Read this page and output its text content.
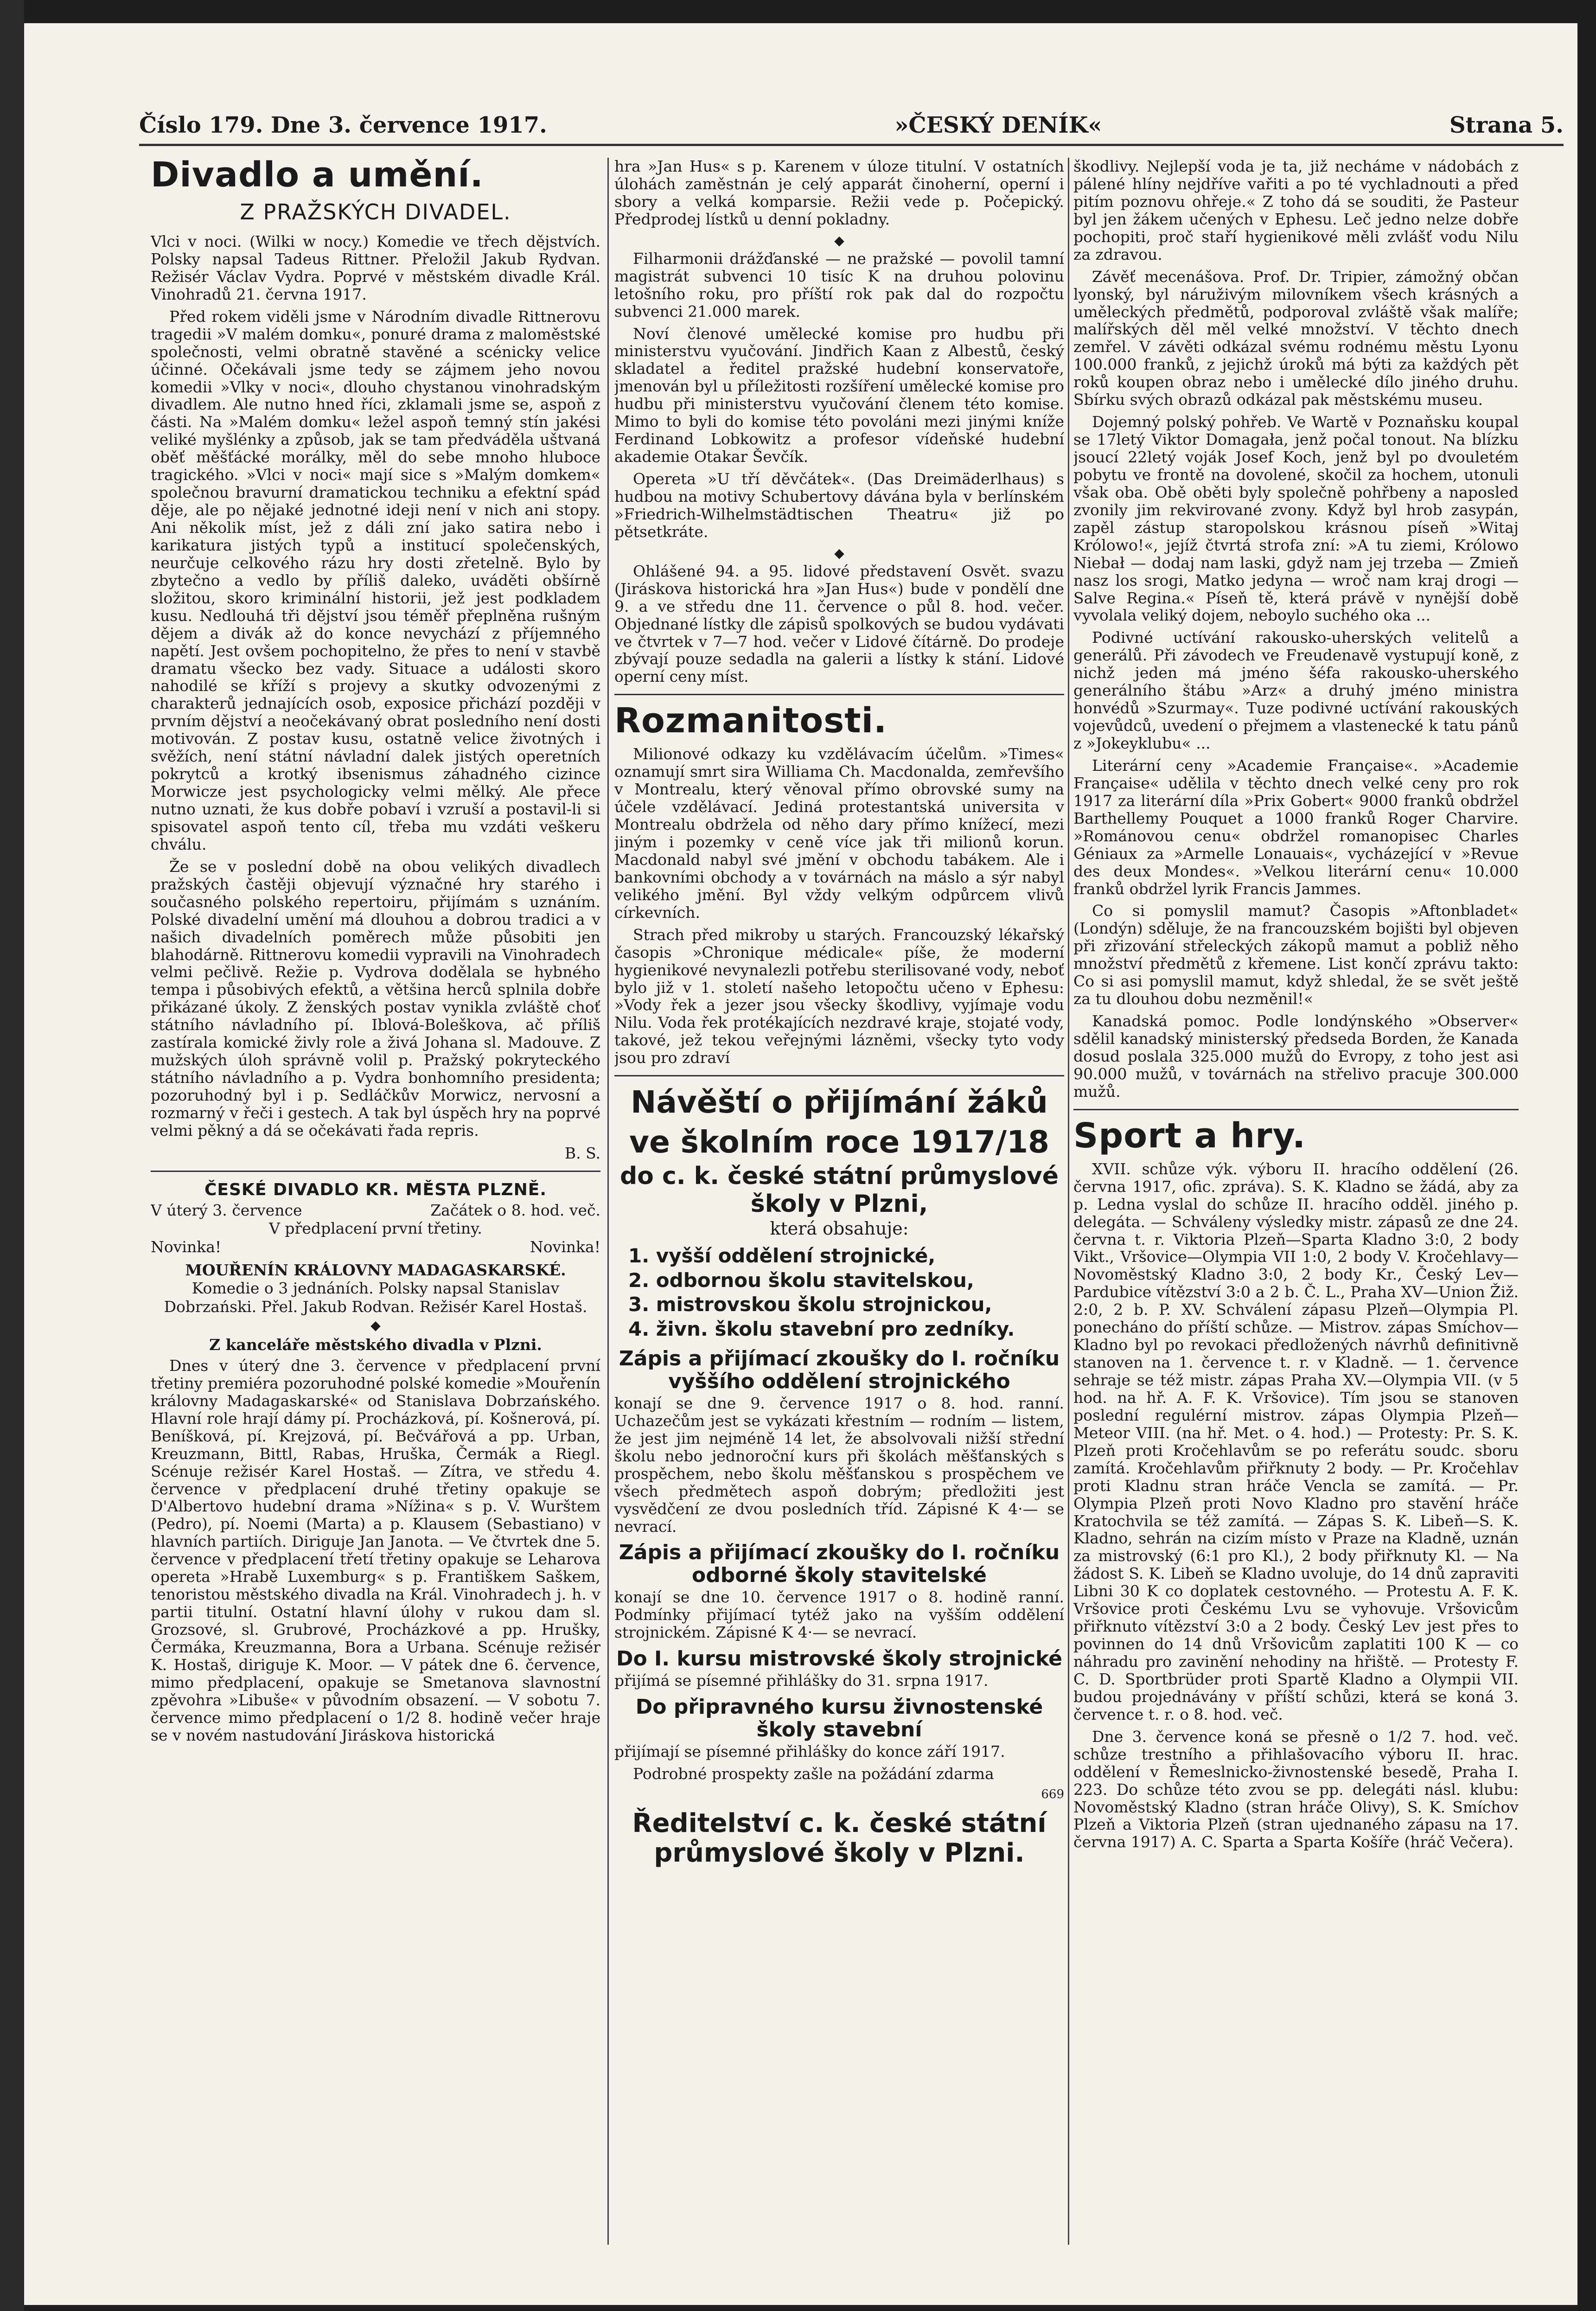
Číslo 179. Dne 3. července 1917.	»ČESKÝ DENÍK«	Strana 5.
Divadlo a umění.
Z PRAŽSKÝCH DIVADEL.

Vlci v noci. (Wilki w nocy.) Komedie ve třech dějstvích. Polsky napsal Tadeus Rittner. Přeložil Jakub Rydvan. Režisér Václav Vydra. Poprvé v městském divadle Král. Vinohradů 21. června 1917.

Před rokem viděli jsme v Národním divadle Rittnerovu tragedii »V malém domku«, ponuré drama z maloměstské společnosti, velmi obratně stavěné a scénicky velice účinné. Očekávali jsme tedy se zájmem jeho novou komedii »Vlky v noci«, dlouho chystanou vinohradským divadlem. Ale nutno hned říci, zklamali jsme se, aspoň z části. Na »Malém domku« ležel aspoň temný stín jakési veliké myšlénky a způsob, jak se tam předváděla uštvaná oběť měšťácké morálky, měl do sebe mnoho hluboce tragického. »Vlci v noci« mají sice s »Malým domkem« společnou bravurní dramatickou techniku a efektní spád děje, ale po nějaké jednotné ideji není v nich ani stopy. Ani několik míst, jež z dáli zní jako satira nebo i karikatura jistých typů a institucí společenských, neurčuje celkového rázu hry dosti zřetelně. Bylo by zbytečno a vedlo by příliš daleko, uváděti obšírně složitou, skoro kriminální historii, jež jest podkladem kusu. Nedlouhá tři dějství jsou téměř přeplněna rušným dějem a divák až do konce nevychází z příjemného napětí. Jest ovšem pochopitelno, že přes to není v stavbě dramatu všecko bez vady. Situace a události skoro nahodilé se kříží s projevy a skutky odvozenými z charakterů jednajících osob, exposice přichází později v prvním dějství a neočekávaný obrat posledního není dosti motivován. Z postav kusu, ostatně velice životných i svěžích, není státní návladní dalek jistých operetních pokrytců a krotký ibsenismus záhadného cizince Morwicze jest psychologicky velmi mělký. Ale přece nutno uznati, že kus dobře pobaví i vzruší a postavil-li si spisovatel aspoň tento cíl, třeba mu vzdáti veškeru chválu.

Že se v poslední době na obou velikých divadlech pražských častěji objevují význačné hry starého i současného polského repertoiru, přijímám s uznáním. Polské divadelní umění má dlouhou a dobrou tradici a v našich divadelních poměrech může působiti jen blahodárně. Rittnerovu komedii vypravili na Vinohradech velmi pečlivě. Režie p. Vydrova dodělala se hybného tempa i působivých efektů, a většina herců splnila dobře přikázané úkoly. Z ženských postav vynikla zvláště choť státního návladního pí. Iblová-Boleškova, ač příliš zastírala komické živly role a živá Johana sl. Madouve. Z mužských úloh správně volil p. Pražský pokryteckého státního návladního a p. Vydra bonhomního presidenta; pozoruhodný byl i p. Sedláčkův Morwicz, nervosní a rozmarný v řeči i gestech. A tak byl úspěch hry na poprvé velmi pěkný a dá se očekávati řada repris.

B. S.
ČESKÉ DIVADLO KR. MĚSTA PLZNĚ.
V úterý 3. července	Začátek o 8. hod. več.
V předplacení první třetiny.
Novinka!	Novinka!
MOUŘENÍN KRÁLOVNY MADAGASKARSKÉ.
Komedie o 3 jednáních. Polsky napsal Stanislav Dobrzański. Přel. Jakub Rodvan. Režisér Karel Hostaš.
◆
Z kanceláře městského divadla v Plzni.

Dnes v úterý dne 3. července v předplacení první třetiny premiéra pozoruhodné polské komedie »Mouřenín královny Madagaskarské« od Stanislava Dobrzańského. Hlavní role hrají dámy pí. Procházková, pí. Košnerová, pí. Beníšková, pí. Krejzová, pí. Bečvářová a pp. Urban, Kreuzmann, Bittl, Rabas, Hruška, Čermák a Riegl. Scénuje režisér Karel Hostaš. — Zítra, ve středu 4. července v předplacení druhé třetiny opakuje se D'Albertovo hudební drama »Nížina« s p. V. Wurštem (Pedro), pí. Noemi (Marta) a p. Klausem (Sebastiano) v hlavních partiích. Diriguje Jan Janota. — Ve čtvrtek dne 5. července v předplacení třetí třetiny opakuje se Leharova opereta »Hrabě Luxemburg« s p. Františkem Saškem, tenoristou městského divadla na Král. Vinohradech j. h. v partii titulní. Ostatní hlavní úlohy v rukou dam sl. Grozsové, sl. Grubrové, Procházkové a pp. Hrušky, Čermáka, Kreuzmanna, Bora a Urbana. Scénuje režisér K. Hostaš, diriguje K. Moor. — V pátek dne 6. července, mimo předplacení, opakuje se Smetanova slavnostní zpěvohra »Libuše« v původním obsazení. — V sobotu 7. července mimo předplacení o 1/2 8. hodině večer hraje se v novém nastudování Jiráskova historická

hra »Jan Hus« s p. Karenem v úloze titulní. V ostatních úlohách zaměstnán je celý apparát činoherní, operní i sbory a velká komparsie. Režii vede p. Počepický. Předprodej lístků u denní pokladny.

◆

Filharmonii drážďanské — ne pražské — povolil tamní magistrát subvenci 10 tisíc K na druhou polovinu letošního roku, pro příští rok pak dal do rozpočtu subvenci 21.000 marek.

Noví členové umělecké komise pro hudbu při ministerstvu vyučování. Jindřich Kaan z Albestů, český skladatel a ředitel pražské hudební konservatoře, jmenován byl u příležitosti rozšíření umělecké komise pro hudbu při ministerstvu vyučování členem této komise. Mimo to byli do komise této povoláni mezi jinými kníže Ferdinand Lobkowitz a profesor vídeňské hudební akademie Otakar Ševčík.

Opereta »U tří děvčátek«. (Das Dreimäderlhaus) s hudbou na motivy Schubertovy dávána byla v berlínském »Friedrich-Wilhelmstädtischen Theatru« již po pětsetkráte.

◆

Ohlášené 94. a 95. lidové představení Osvět. svazu (Jiráskova historická hra »Jan Hus«) bude v pondělí dne 9. a ve středu dne 11. července o půl 8. hod. večer. Objednané lístky dle zápisů spolkových se budou vydávati ve čtvrtek v 7—7 hod. večer v Lidové čítárně. Do prodeje zbývají pouze sedadla na galerii a lístky k stání. Lidové operní ceny míst.

Rozmanitosti.

Milionové odkazy ku vzdělávacím účelům. »Times« oznamují smrt sira Williama Ch. Macdonalda, zemřevšího v Montrealu, který věnoval přímo obrovské sumy na účele vzdělávací. Jediná protestantská universita v Montrealu obdržela od něho dary přímo knížecí, mezi jiným i pozemky v ceně více jak tři milionů korun. Macdonald nabyl své jmění v obchodu tabákem. Ale i bankovními obchody a v továrnách na máslo a sýr nabyl velikého jmění. Byl vždy velkým odpůrcem vlivů církevních.

Strach před mikroby u starých. Francouzský lékařský časopis »Chronique médicale« píše, že moderní hygienikové nevynalezli potřebu sterilisované vody, neboť bylo již v 1. století našeho letopočtu učeno v Ephesu: »Vody řek a jezer jsou všecky škodlivy, vyjímaje vodu Nilu. Voda řek protékajících nezdravé kraje, stojaté vody, takové, jež tekou veřejnými lázněmi, všecky tyto vody jsou pro zdraví

Návěští o přijímání žáků
ve školním roce 1917/18
do c. k. české státní průmyslové školy v Plzni,
která obsahuje:
1. vyšší oddělení strojnické,
2. odbornou školu stavitelskou,
3. mistrovskou školu strojnickou,
4. živn. školu stavební pro zedníky.
Zápis a přijímací zkoušky do I. ročníku vyššího oddělení strojnického

konají se dne 9. července 1917 o 8. hod. ranní. Uchazečům jest se vykázati křestním — rodním — listem, že jest jim nejméně 14 let, že absolvovali nižší střední školu nebo jednoroční kurs při školách měšťanských s prospěchem, nebo školu měšťanskou s prospěchem ve všech předmětech aspoň dobrým; předložiti jest vysvědčení ze dvou posledních tříd. Zápisné K 4·— se nevrací.

Zápis a přijímací zkoušky do I. ročníku odborné školy stavitelské

konají se dne 10. července 1917 o 8. hodině ranní. Podmínky přijímací tytéž jako na vyšším oddělení strojnickém. Zápisné K 4·— se nevrací.

Do I. kursu mistrovské školy strojnické

přijímá se písemné přihlášky do 31. srpna 1917.

Do připravného kursu živnostenské školy stavební

přijímají se písemné přihlášky do konce září 1917.

Podrobné prospekty zašle na požádání zdarma

669
Ředitelství c. k. české státní průmyslové školy v Plzni.

škodlivy. Nejlepší voda je ta, již necháme v nádobách z pálené hlíny nejdříve vařiti a po té vychladnouti a před pitím poznovu ohřeje.« Z toho dá se souditi, že Pasteur byl jen žákem učených v Ephesu. Leč jedno nelze dobře pochopiti, proč staří hygienikové měli zvlášť vodu Nilu za zdravou.

Závěť mecenášova. Prof. Dr. Tripier, zámožný občan lyonský, byl náruživým milovníkem všech krásných a uměleckých předmětů, podporoval zvláště však malíře; malířských děl měl velké množství. V těchto dnech zemřel. V závěti odkázal svému rodnému městu Lyonu 100.000 franků, z jejichž úroků má býti za každých pět roků koupen obraz nebo i umělecké dílo jiného druhu. Sbírku svých obrazů odkázal pak městskému museu.

Dojemný polský pohřeb. Ve Wartě v Poznaňsku koupal se 17letý Viktor Domagała, jenž počal tonout. Na blízku jsoucí 22letý voják Josef Koch, jenž byl po dvouletém pobytu ve frontě na dovolené, skočil za hochem, utonuli však oba. Obě oběti byly společně pohřbeny a naposled zvonily jim rekvirované zvony. Když byl hrob zasypán, zapěl zástup staropolskou krásnou píseň »Witaj Królowo!«, jejíž čtvrtá strofa zní: »A tu ziemi, Królowo Niebał — dodaj nam laski, gdyž nam jej trzeba — Zmieň nasz los srogi, Matko jedyna — wroč nam kraj drogi — Salve Regina.« Píseň tě, která právě v nynější době vyvolala veliký dojem, neboylo suchého oka ...

Podivné uctívání rakousko-uherských velitelů a generálů. Při závodech ve Freudenavě vystupují koně, z nichž jeden má jméno šéfa rakousko-uherského generálního štábu »Arz« a druhý jméno ministra honvédů »Szurmay«. Tuze podivné uctívání rakouských vojevůdců, uvedení o přejmem a vlastenecké k tatu pánů z »Jokeyklubu« ...

Literární ceny »Academie Française«. »Academie Française« udělila v těchto dnech velké ceny pro rok 1917 za literární díla »Prix Gobert« 9000 franků obdržel Barthellemy Pouquet a 1000 franků Roger Charvire. »Románovou cenu« obdržel romanopisec Charles Géniaux za »Armelle Lonauais«, vycházející v »Revue des deux Mondes«. »Velkou literární cenu« 10.000 franků obdržel lyrik Francis Jammes.

Co si pomyslil mamut? Časopis »Aftonbladet« (Londýn) sděluje, že na francouzském bojišti byl objeven při zřizování střeleckých zákopů mamut a pobliž něho množství předmětů z křemene. List končí zprávu takto: Co si asi pomyslil mamut, když shledal, že se svět ještě za tu dlouhou dobu nezměnil!«

Kanadská pomoc. Podle londýnského »Observer« sdělil kanadský ministerský předseda Borden, že Kanada dosud poslala 325.000 mužů do Evropy, z toho jest asi 90.000 mužů, v továrnách na střelivo pracuje 300.000 mužů.

Sport a hry.

XVII. schůze výk. výboru II. hracího oddělení (26. června 1917, ofic. zpráva). S. K. Kladno se žádá, aby za p. Ledna vyslal do schůze II. hracího odděl. jiného p. delegáta. — Schváleny výsledky mistr. zápasů ze dne 24. června t. r. Viktoria Plzeň—Sparta Kladno 3:0, 2 body Vikt., Vršovice—Olympia VII 1:0, 2 body V. Kročehlavy—Novoměstský Kladno 3:0, 2 body Kr., Český Lev—Pardubice vítězství 3:0 a 2 b. Č. L., Praha XV—Union Žiž. 2:0, 2 b. P. XV. Schválení zápasu Plzeň—Olympia Pl. ponecháno do příští schůze. — Mistrov. zápas Smíchov—Kladno byl po revokaci předložených návrhů definitivně stanoven na 1. července t. r. v Kladně. — 1. července sehraje se též mistr. zápas Praha XV.—Olympia VII. (v 5 hod. na hř. A. F. K. Vršovice). Tím jsou se stanoven poslední regulérní mistrov. zápas Olympia Plzeň—Meteor VIII. (na hř. Met. o 4. hod.) — Protesty: Pr. S. K. Plzeň proti Kročehlavům se po referátu soudc. sboru zamítá. Kročehlavům přiřknuty 2 body. — Pr. Kročehlav proti Kladnu stran hráče Vencla se zamítá. — Pr. Olympia Plzeň proti Novo Kladno pro stavění hráče Kratochvila se též zamítá. — Zápas S. K. Libeň—S. K. Kladno, sehrán na cizím místo v Praze na Kladně, uznán za mistrovský (6:1 pro Kl.), 2 body přiřknuty Kl. — Na žádost S. K. Libeň se Kladno uvoluje, do 14 dnů zapraviti Libni 30 K co doplatek cestovného. — Protestu A. F. K. Vršovice proti Českému Lvu se vyhovuje. Vršovicům přiřknuto vítězství 3:0 a 2 body. Český Lev jest přes to povinnen do 14 dnů Vršovicům zaplatiti 100 K — co náhradu pro zavinění nehodiny na hřiště. — Protesty F. C. D. Sportbrüder proti Spartě Kladno a Olympii VII. budou projednávány v příští schůzi, která se koná 3. července t. r. o 8. hod. več.

Dne 3. července koná se přesně o 1/2 7. hod. več. schůze trestního a přihlašovacího výboru II. hrac. oddělení v Řemeslnicko-živnostenské besedě, Praha I. 223. Do schůze této zvou se pp. delegáti násl. klubu: Novoměstský Kladno (stran hráče Olivy), S. K. Smíchov Plzeň a Viktoria Plzeň (stran ujednaného zápasu na 17. června 1917) A. C. Sparta a Sparta Košíře (hráč Večera).
